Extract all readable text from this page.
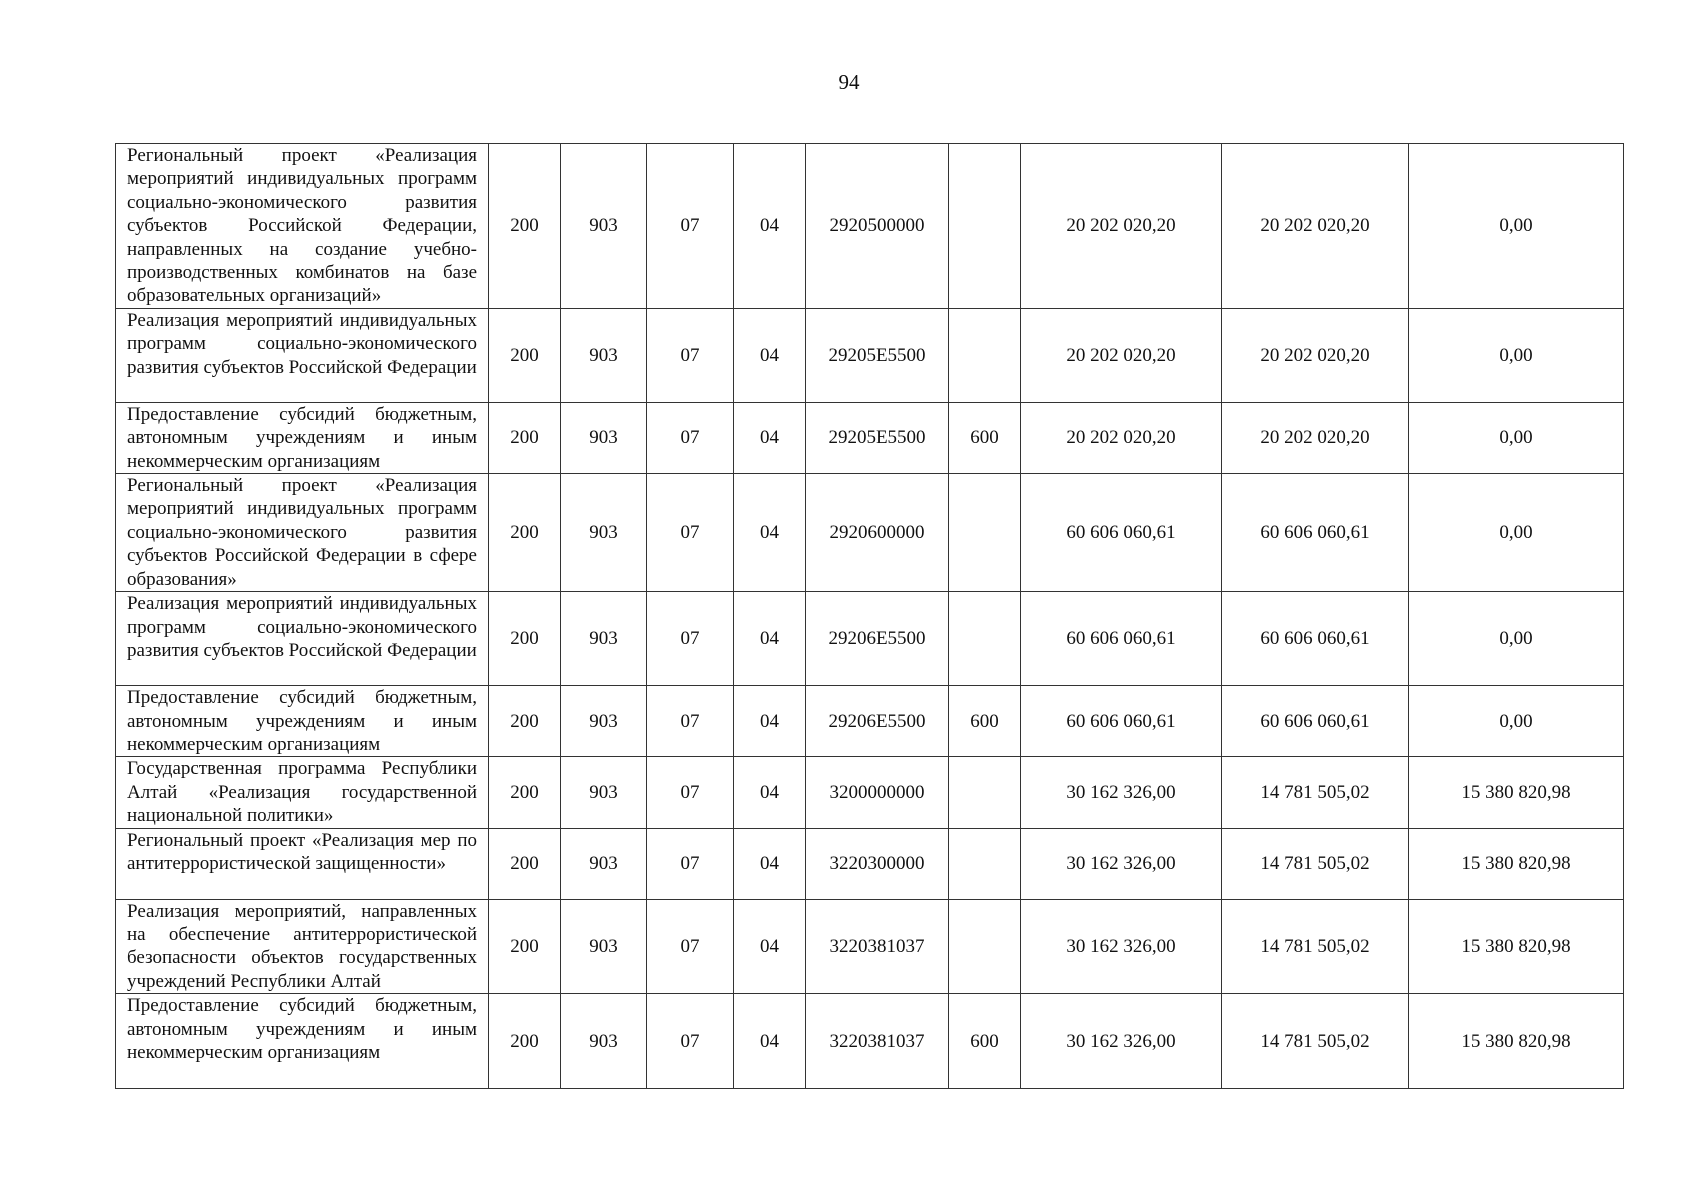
94
Региональный проект «Реализация мероприятий индивидуальных программ социально-экономического развития субъектов Российской Федерации, направленных на создание учебно-производственных комбинатов на базе образовательных организаций»	200	903	07	04	2920500000		20 202 020,20	20 202 020,20	0,00
Реализация мероприятий индивидуальных программ социально-экономического развития субъектов Российской Федерации	200	903	07	04	29205E5500		20 202 020,20	20 202 020,20	0,00
Предоставление субсидий бюджетным, автономным учреждениям и иным некоммерческим организациям	200	903	07	04	29205E5500	600	20 202 020,20	20 202 020,20	0,00
Региональный проект «Реализация мероприятий индивидуальных программ социально-экономического развития субъектов Российской Федерации в сфере образования»	200	903	07	04	2920600000		60 606 060,61	60 606 060,61	0,00
Реализация мероприятий индивидуальных программ социально-экономического развития субъектов Российской Федерации	200	903	07	04	29206E5500		60 606 060,61	60 606 060,61	0,00
Предоставление субсидий бюджетным, автономным учреждениям и иным некоммерческим организациям	200	903	07	04	29206E5500	600	60 606 060,61	60 606 060,61	0,00
Государственная программа Республики Алтай «Реализация государственной национальной политики»	200	903	07	04	3200000000		30 162 326,00	14 781 505,02	15 380 820,98
Региональный проект «Реализация мер по антитеррористической защищенности»	200	903	07	04	3220300000		30 162 326,00	14 781 505,02	15 380 820,98
Реализация мероприятий, направленных на обеспечение антитеррористической безопасности объектов государственных учреждений Республики Алтай	200	903	07	04	3220381037		30 162 326,00	14 781 505,02	15 380 820,98
Предоставление субсидий бюджетным, автономным учреждениям и иным некоммерческим организациям	200	903	07	04	3220381037	600	30 162 326,00	14 781 505,02	15 380 820,98
